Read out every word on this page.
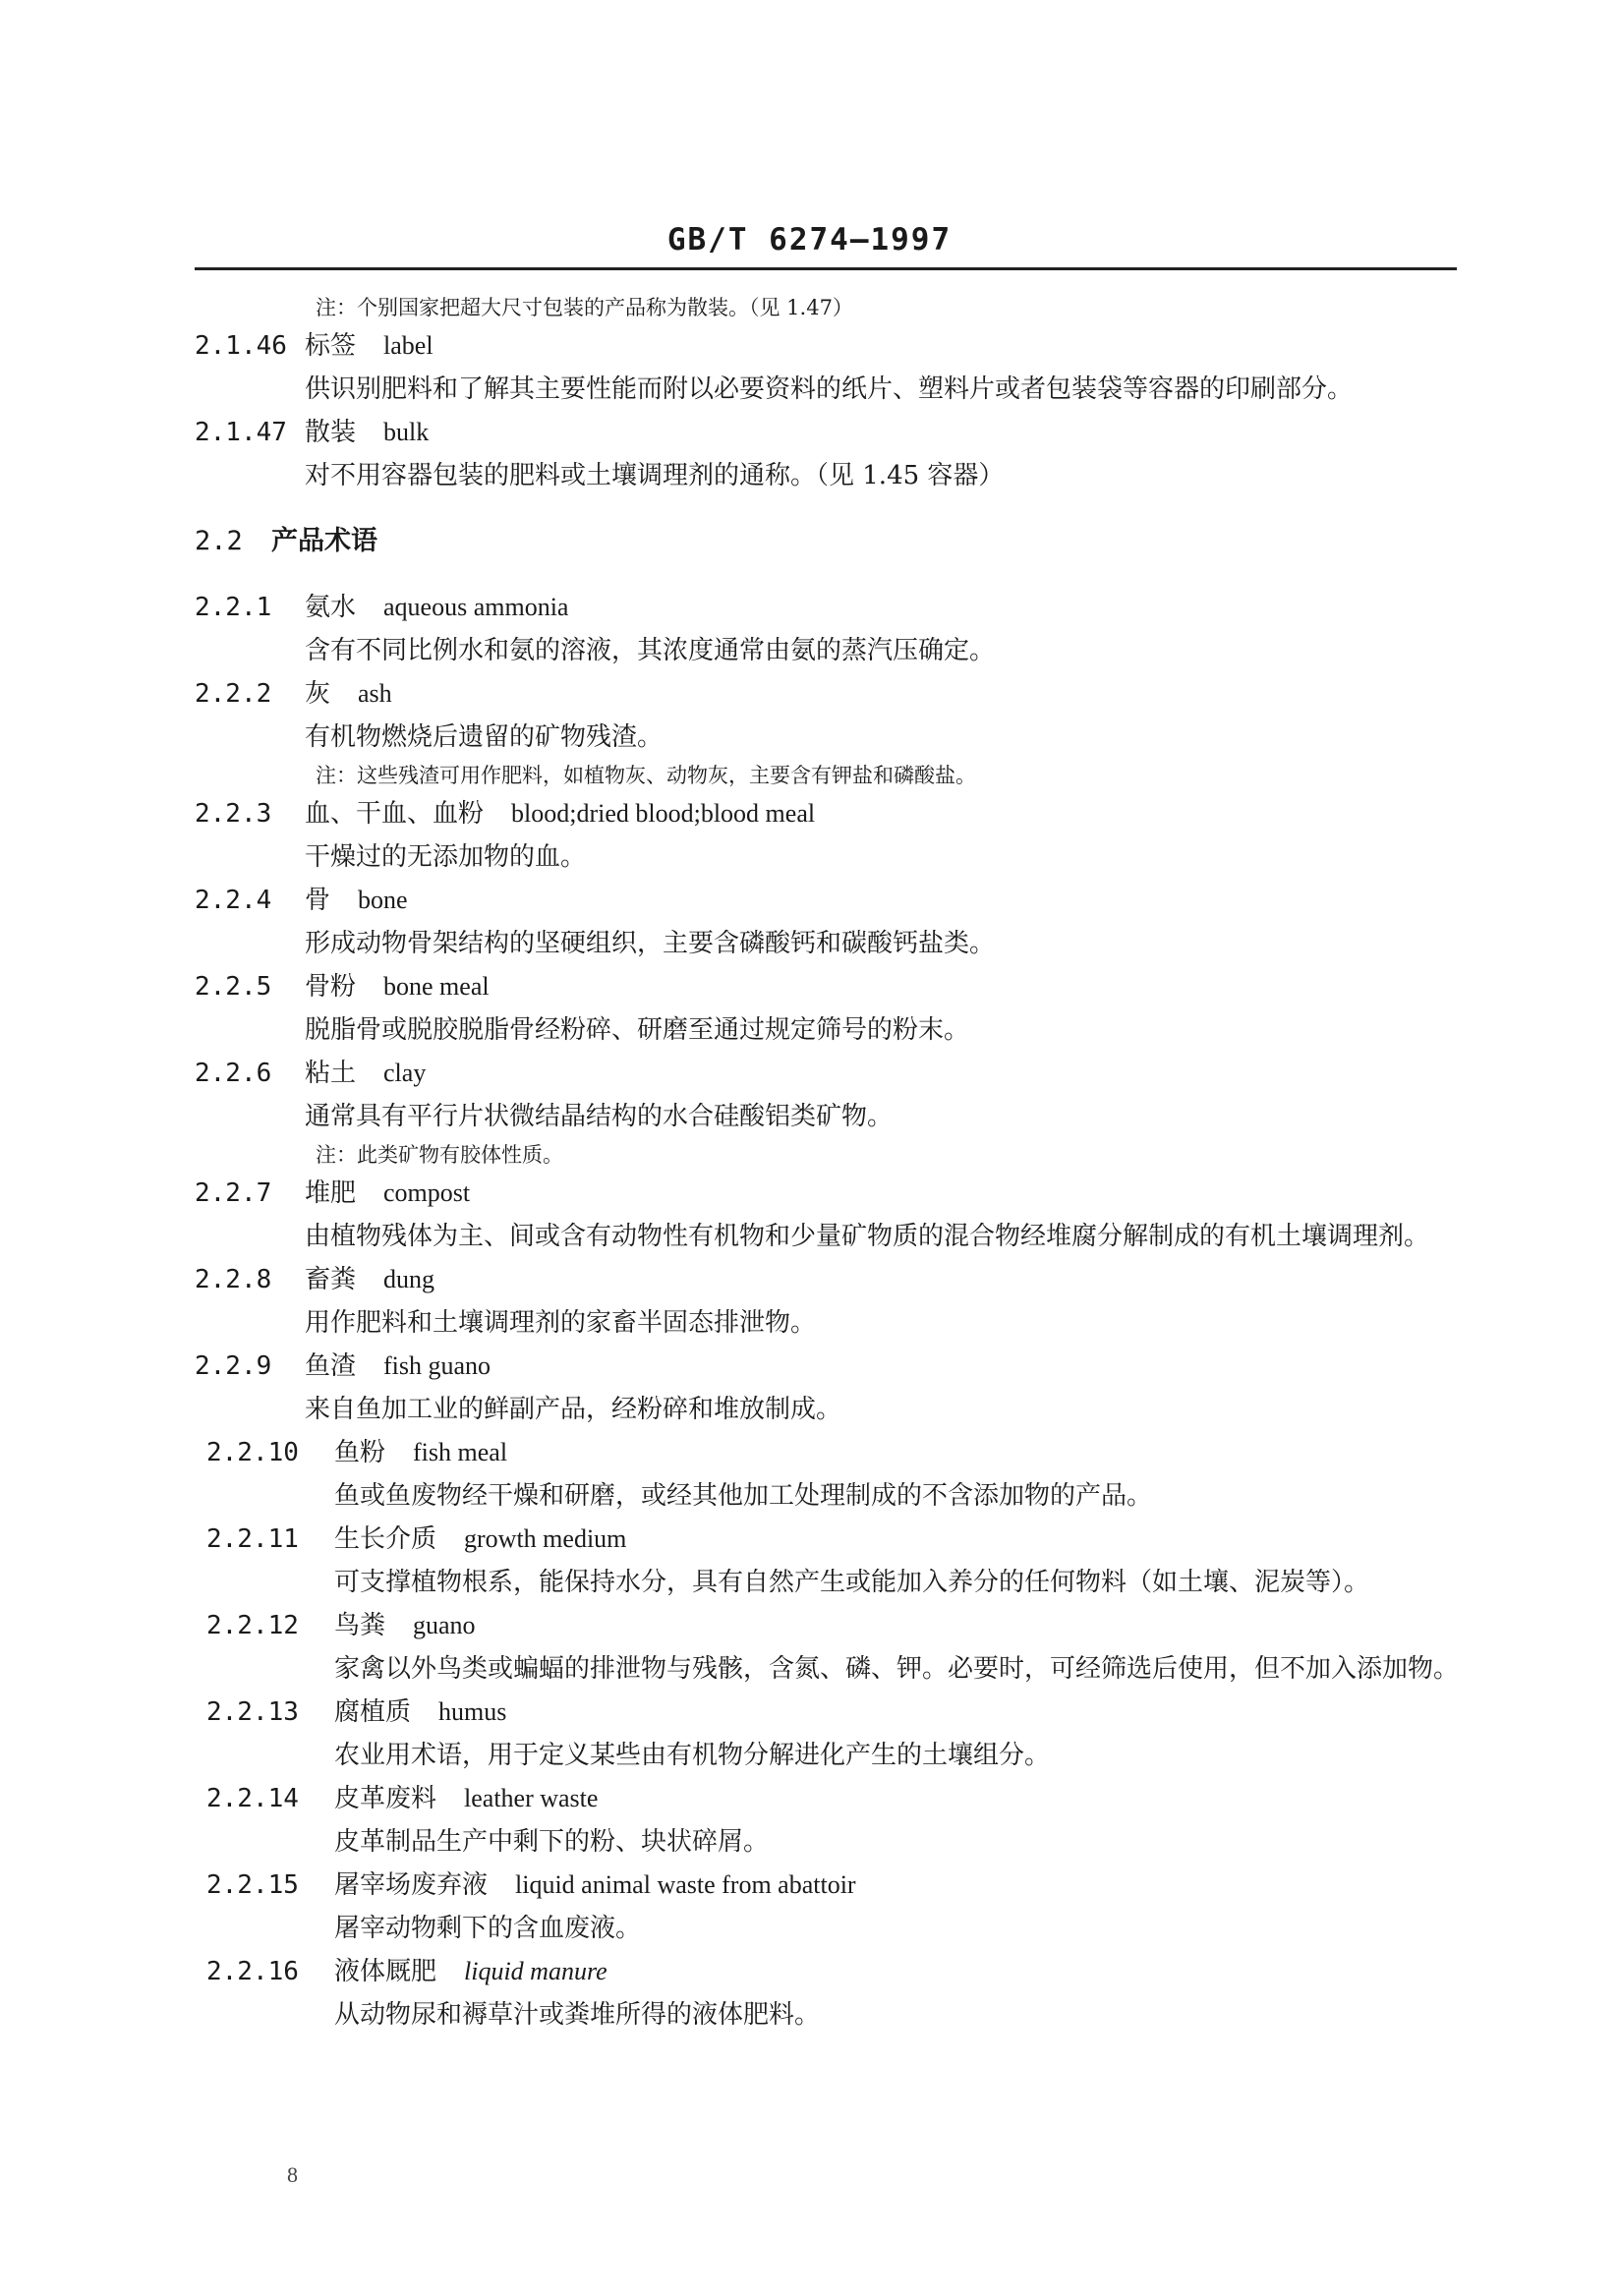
GB/T 6274—1997
注：个别国家把超大尺寸包装的产品称为散装。（见 1.47）
2.1.46 标签 label
供识别肥料和了解其主要性能而附以必要资料的纸片、塑料片或者包装袋等容器的印刷部分。
2.1.47 散装 bulk
对不用容器包装的肥料或土壤调理剂的通称。（见 1.45 容器）
2.2	产品术语
2.2.1	氨水 aqueous ammonia
含有不同比例水和氨的溶液，其浓度通常由氨的蒸汽压确定。
2.2.2	灰 ash
有机物燃烧后遗留的矿物残渣。
注：这些残渣可用作肥料，如植物灰、动物灰，主要含有钾盐和磷酸盐。
2.2.3	血、干血、血粉 blood;dried blood;blood meal
干燥过的无添加物的血。
2.2.4	骨 bone
形成动物骨架结构的坚硬组织，主要含磷酸钙和碳酸钙盐类。
2.2.5	骨粉 bone meal
脱脂骨或脱胶脱脂骨经粉碎、研磨至通过规定筛号的粉末。
2.2.6	粘土 clay
通常具有平行片状微结晶结构的水合硅酸铝类矿物。
注：此类矿物有胶体性质。
2.2.7	堆肥 compost
由植物残体为主、间或含有动物性有机物和少量矿物质的混合物经堆腐分解制成的有机土壤调理剂。
2.2.8	畜粪 dung
用作肥料和土壤调理剂的家畜半固态排泄物。
2.2.9	鱼渣 fish guano
来自鱼加工业的鲜副产品，经粉碎和堆放制成。
2.2.10	鱼粉 fish meal
鱼或鱼废物经干燥和研磨，或经其他加工处理制成的不含添加物的产品。
2.2.11	生长介质 growth medium
可支撑植物根系，能保持水分，具有自然产生或能加入养分的任何物料（如土壤、泥炭等）。
2.2.12	鸟粪 guano
家禽以外鸟类或蝙蝠的排泄物与残骸，含氮、磷、钾。必要时，可经筛选后使用，但不加入添加物。
2.2.13	腐植质 humus
农业用术语，用于定义某些由有机物分解进化产生的土壤组分。
2.2.14	皮革废料 leather waste
皮革制品生产中剩下的粉、块状碎屑。
2.2.15	屠宰场废弃液 liquid animal waste from abattoir
屠宰动物剩下的含血废液。
2.2.16	液体厩肥 liquid manure
从动物尿和褥草汁或粪堆所得的液体肥料。
8
